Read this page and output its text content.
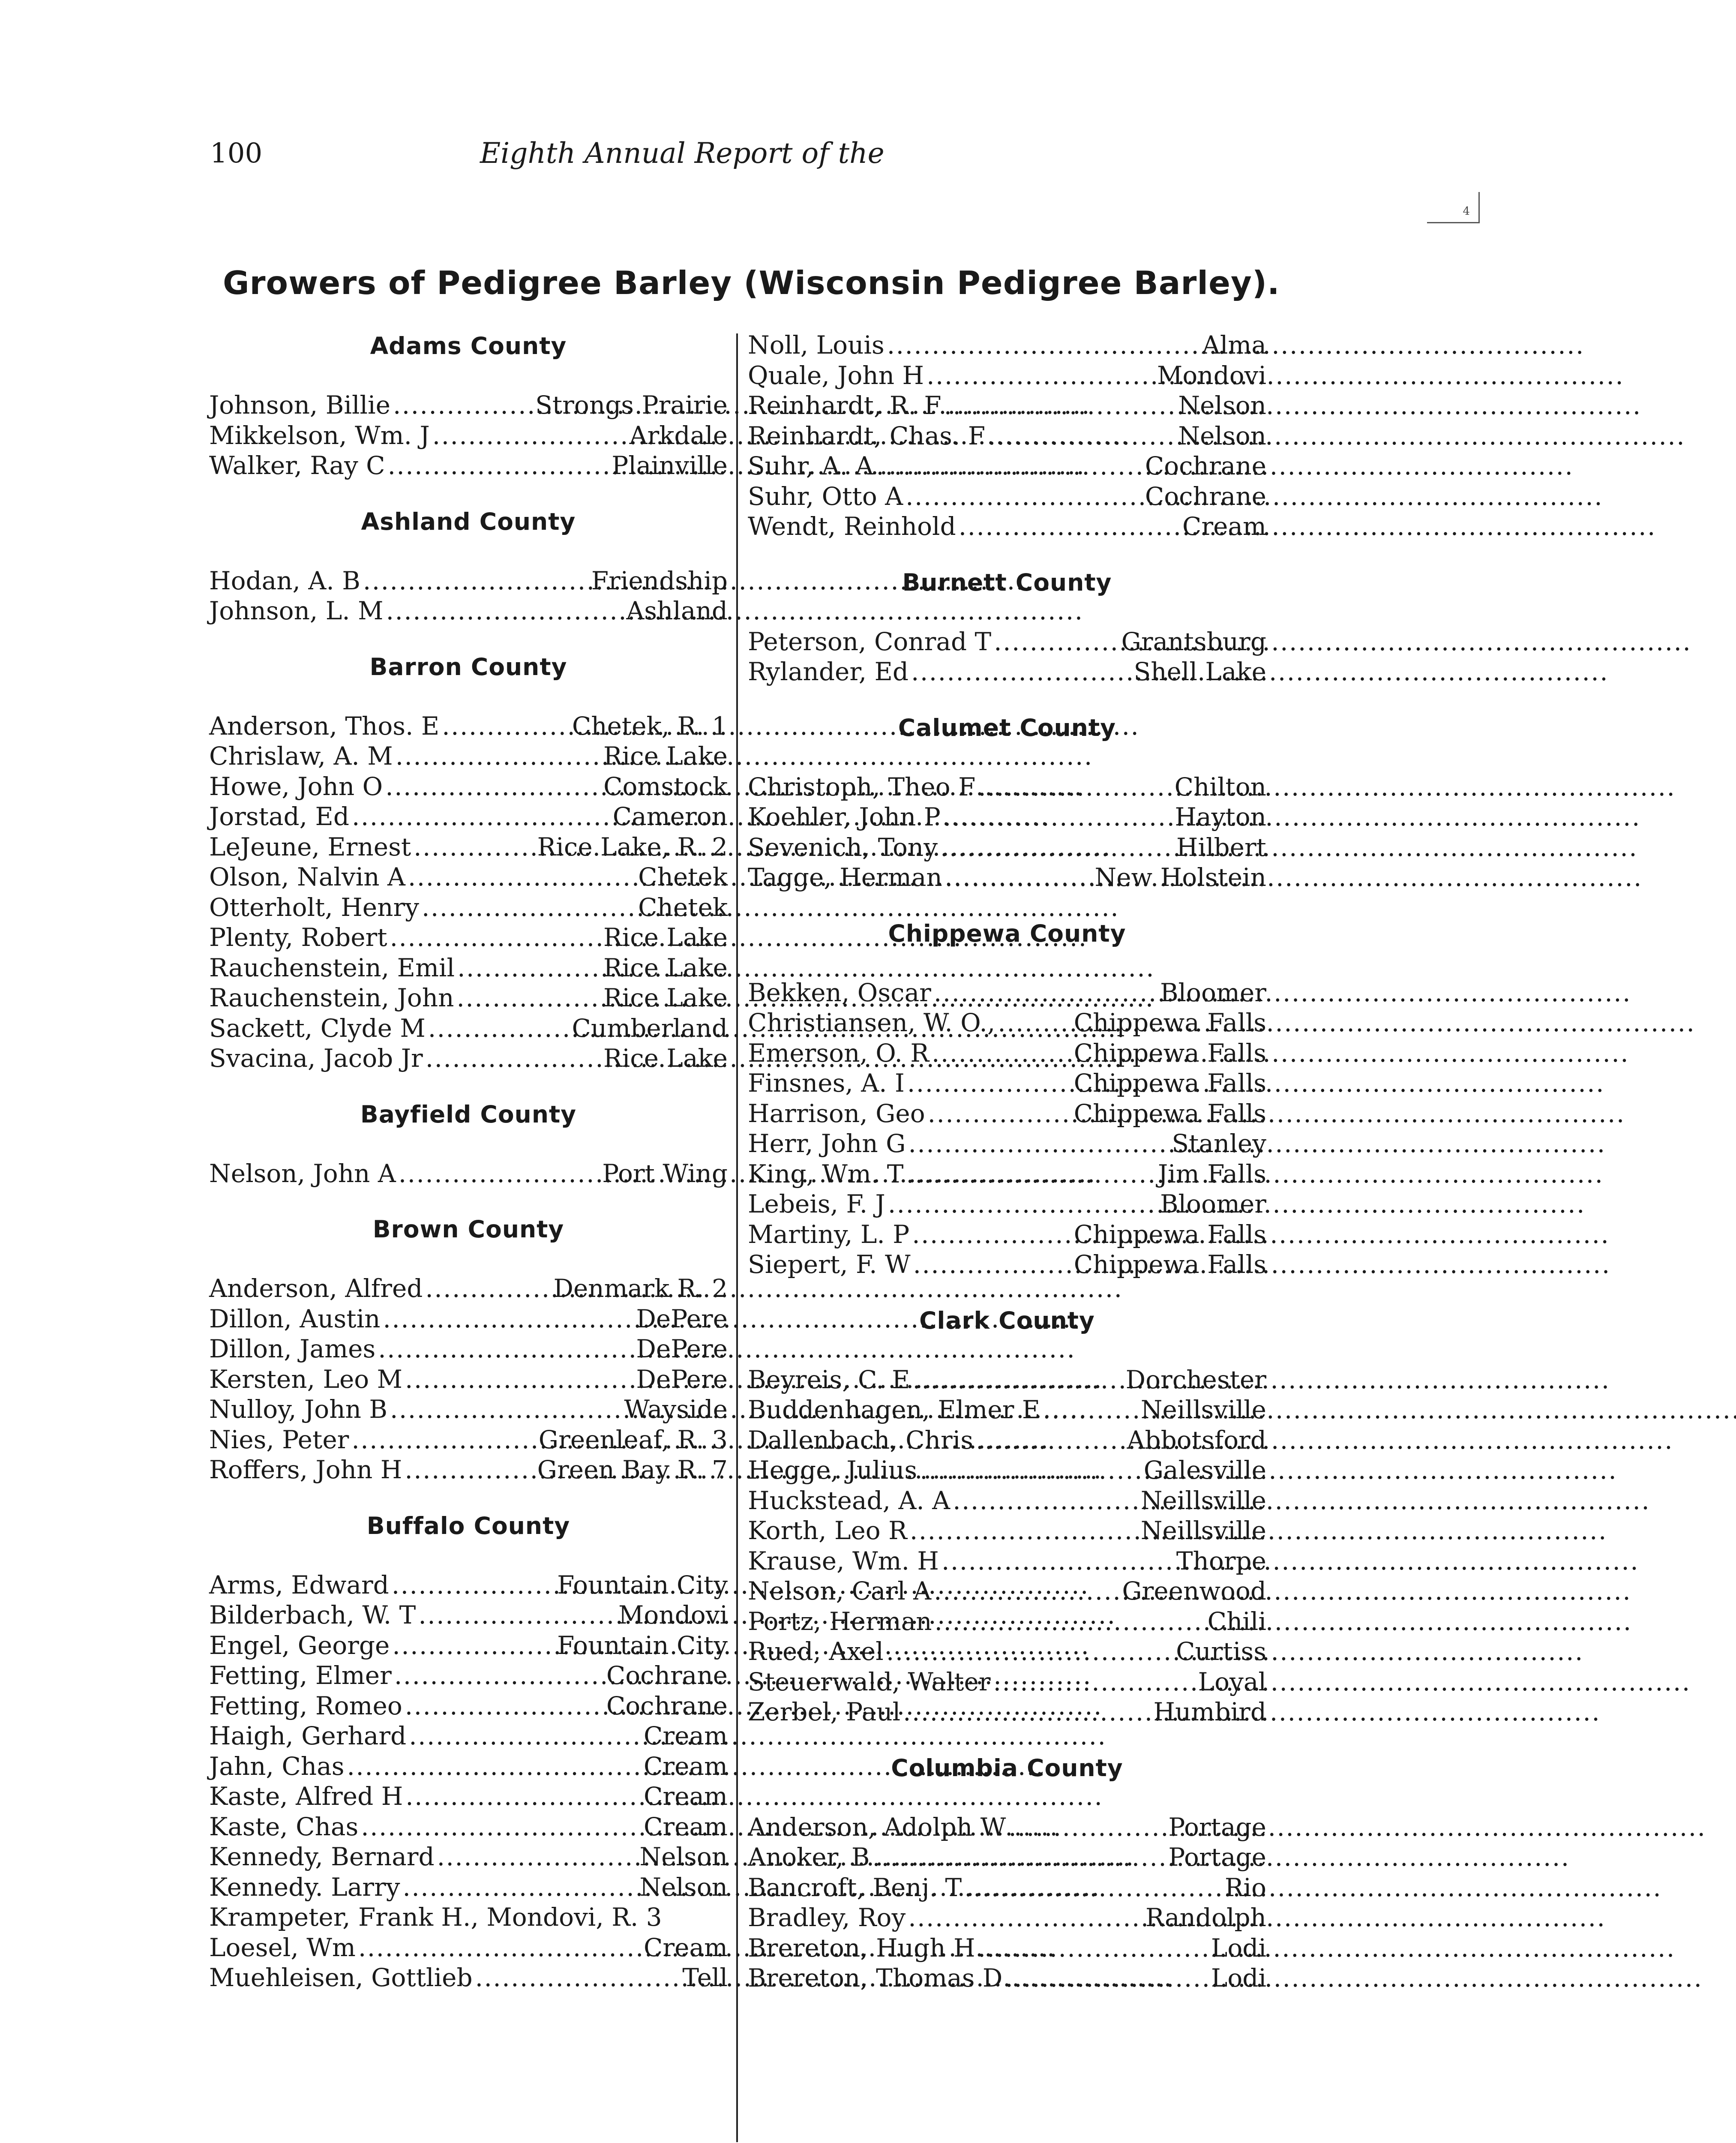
100	Eighth Annual Report of the
4
Growers of Pedigree Barley (Wisconsin Pedigree Barley).
Adams County
Johnson, Billie . . .	Strongs Prairie
Mikkelson, Wm. J . . .	Arkdale
Walker, Ray C . . .	Plainville
Ashland County
Hodan, A. B . . .	Friendship
Johnson, L. M . . .	Ashland
Barron County
Anderson, Thos. E . . .	Chetek, R. 1
Chrislaw, A. M . . .	Rice Lake
Howe, John O . . .	Comstock
Jorstad, Ed . . .	Cameron
LeJeune, Ernest . . .	Rice Lake, R. 2
Olson, Nalvin A . . .	Chetek
Otterholt, Henry . . .	Chetek
Plenty, Robert . . .	Rice Lake
Rauchenstein, Emil . . .	Rice Lake
Rauchenstein, John . . .	Rice Lake
Sackett, Clyde M . . .	Cumberland
Svacina, Jacob Jr . . .	Rice Lake
Bayfield County
Nelson, John A . . .	Port Wing
Brown County
Anderson, Alfred . . .	Denmark R. 2
Dillon, Austin . . .	DePere
Dillon, James . . .	DePere
Kersten, Leo M . . .	DePere
Nulloy, John B . . .	Wayside
Nies, Peter . . .	Greenleaf, R. 3
Roffers, John H . . .	Green Bay R. 7
Buffalo County
Arms, Edward . . .	Fountain City
Bilderbach, W. T . . .	Mondovi
Engel, George . . .	Fountain City
Fetting, Elmer . . .	Cochrane
Fetting, Romeo . . .	Cochrane
Haigh, Gerhard . . .	Cream
Jahn, Chas . . .	Cream
Kaste, Alfred H . . .	Cream
Kaste, Chas . . .	Cream
Kennedy, Bernard . . .	Nelson
Kennedy. Larry . . .	Nelson
Krampeter, Frank H., Mondovi, R. 3
Loesel, Wm . . .	Cream
Muehleisen, Gottlieb . . .	Tell
Noll, Louis . . .	Alma
Quale, John H . . .	Mondovi
Reinhardt, R. F . . .	Nelson
Reinhardt, Chas. F . . .	Nelson
Suhr, A. A . . .	Cochrane
Suhr, Otto A . . .	Cochrane
Wendt, Reinhold . . .	Cream
Burnett County
Peterson, Conrad T . . .	Grantsburg
Rylander, Ed . . .	Shell Lake
Calumet County
Christoph, Theo F . . .	Chilton
Koehler, John P . . .	Hayton
Sevenich, Tony . . .	Hilbert
Tagge, Herman . . .	New Holstein
Chippewa County
Bekken, Oscar . . .	Bloomer
Christiansen, W. O., . . .	Chippewa Falls
Emerson, O. R . . .	Chippewa Falls
Finsnes, A. I . . .	Chippewa Falls
Harrison, Geo . . .	Chippewa Falls
Herr, John G . . .	Stanley
King, Wm. T . . .	Jim Falls
Lebeis, F. J . . .	Bloomer
Martiny, L. P . . .	Chippewa Falls
Siepert, F. W . . .	Chippewa Falls
Clark County
Beyreis, C. E . . .	Dorchester
Buddenhagen, Elmer E . . .	Neillsville
Dallenbach, Chris . . .	Abbotsford
Hegge, Julius . . .	Galesville
Huckstead, A. A . . .	Neillsville
Korth, Leo R . . .	Neillsville
Krause, Wm. H . . .	Thorpe
Nelson, Carl A . . .	Greenwood
Portz, Herman . . .	Chili
Rued, Axel . . .	Curtiss
Steuerwald, Walter . . .	Loyal
Zerbel, Paul . . .	Humbird
Columbia County
Anderson, Adolph W . . .	Portage
Anoker, B . . .	Portage
Bancroft, Benj. T . . .	Rio
Bradley, Roy . . .	Randolph
Brereton, Hugh H . . .	Lodi
Brereton, Thomas D . . .	Lodi
